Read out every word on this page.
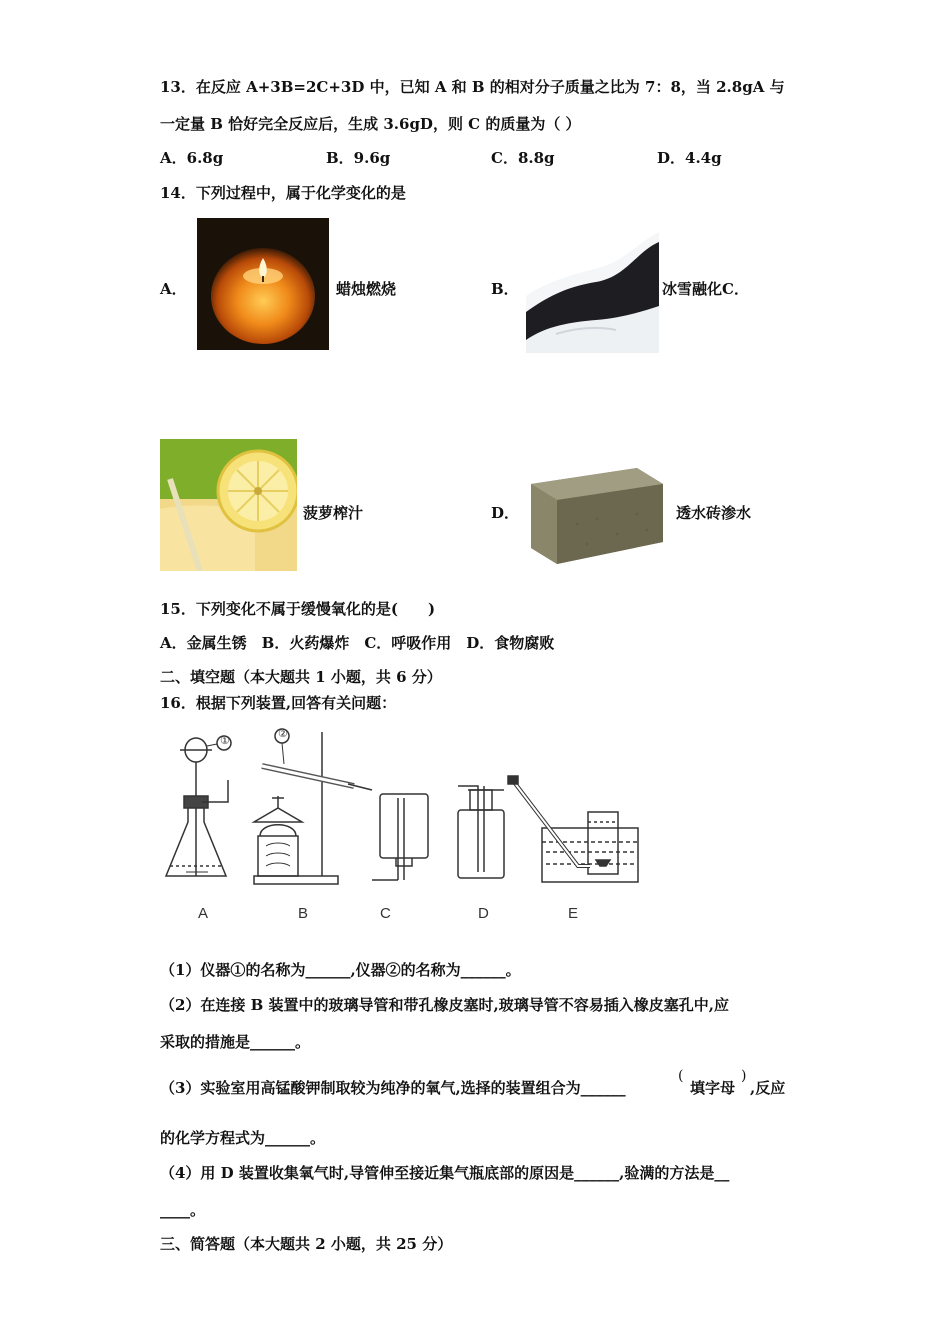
13．在反应 A+3B=2C+3D 中，已知 A 和 B 的相对分子质量之比为 7：8，当 2.8gA 与
一定量 B 恰好完全反应后，生成 3.6gD，则 C 的质量为（ ）
A．6.8g	B．9.6g	C．8.8g	D．4.4g
14．下列过程中，属于化学变化的是
A．	蜡烛燃烧	B．	冰雪融化C．
菠萝榨汁	D．	透水砖渗水
15．下列变化不属于缓慢氧化的是(　　)
A．金属生锈　B．火药爆炸　C．呼吸作用　D．食物腐败
二、填空题（本大题共 1 小题，共 6 分）
16．根据下列装置,回答有关问题：
①
②
A	B	C	D	E
（1）仪器①的名称为______,仪器②的名称为______。
（2）在连接 B 装置中的玻璃导管和带孔橡皮塞时,玻璃导管不容易插入橡皮塞孔中,应
采取的措施是______。
（3）实验室用高锰酸钾制取较为纯净的氧气,选择的装置组合为______
(
填字母
)
,反应
的化学方程式为______。
（4）用 D 装置收集氧气时,导管伸至接近集气瓶底部的原因是______,验满的方法是__
____。
三、简答题（本大题共 2 小题，共 25 分）
